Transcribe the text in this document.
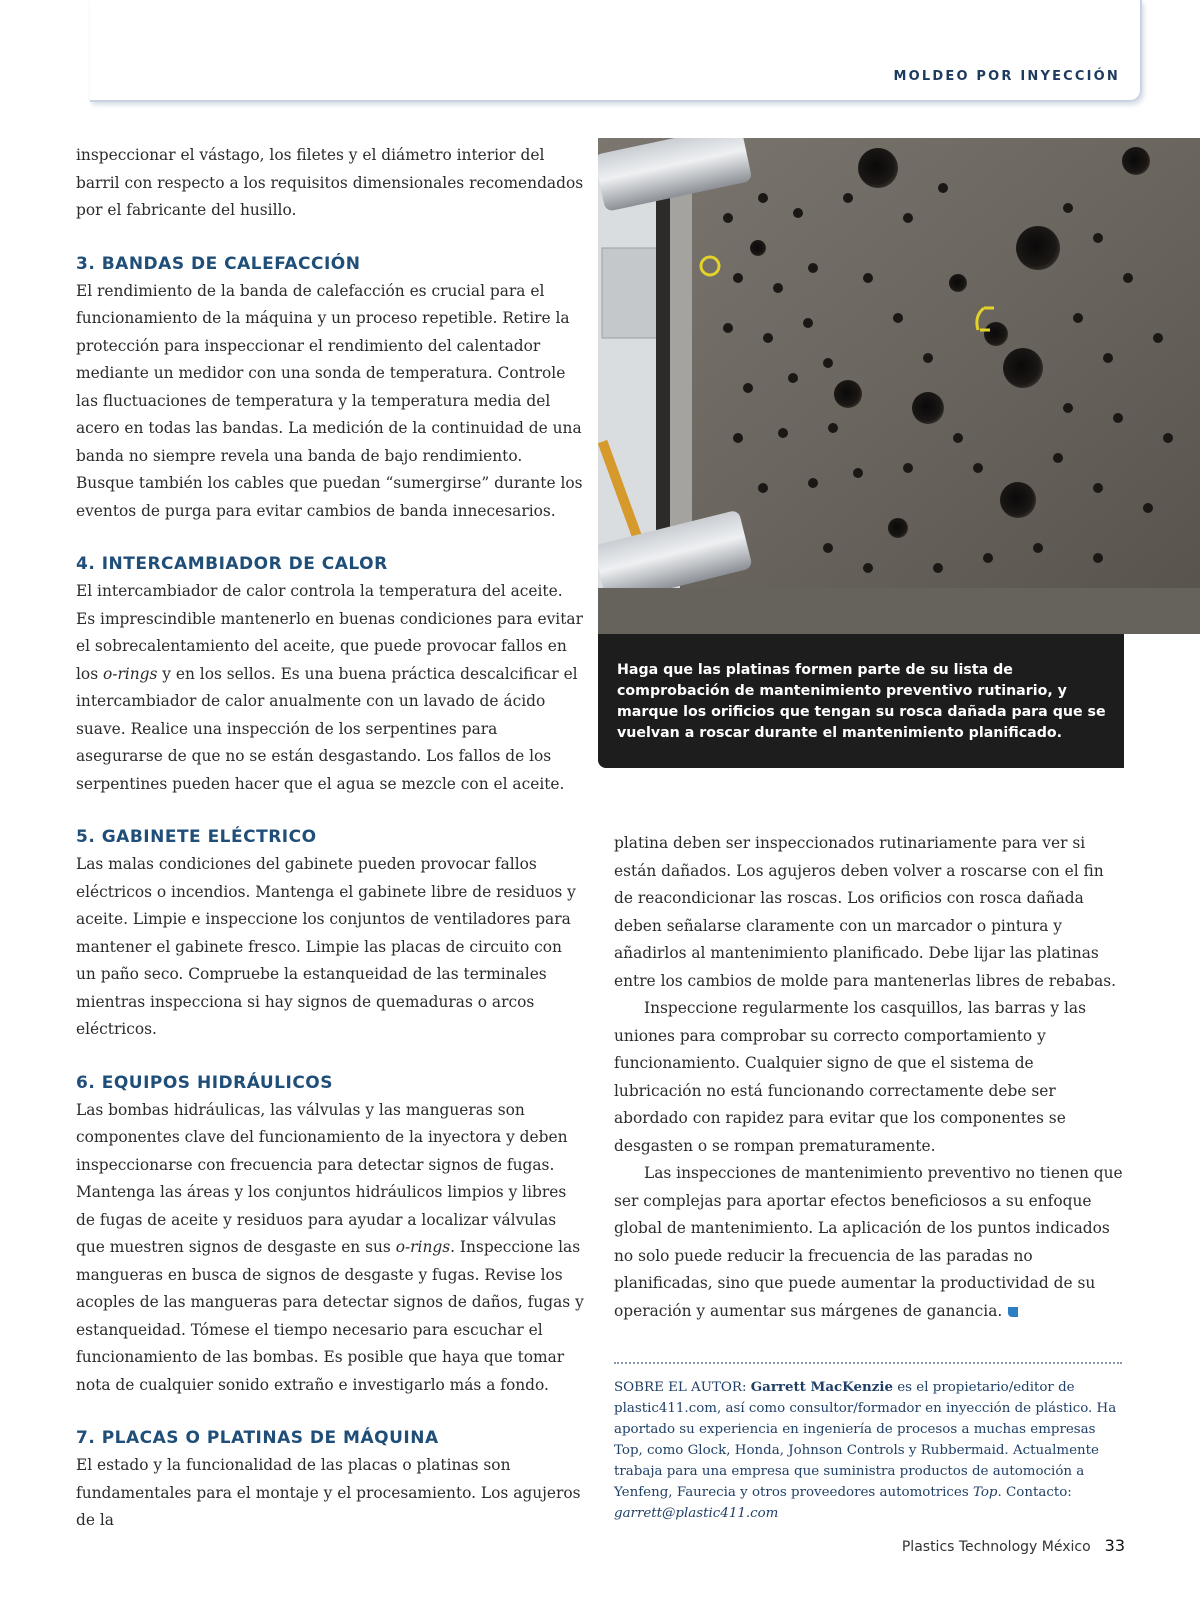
MOLDEO POR INYECCIÓN

inspeccionar el vástago, los filetes y el diámetro interior del barril con respecto a los requisitos dimensionales recomendados por el fabricante del husillo.

3. BANDAS DE CALEFACCIÓN

El rendimiento de la banda de calefacción es crucial para el funcionamiento de la máquina y un proceso repetible. Retire la protección para inspeccionar el rendimiento del calentador mediante un medidor con una sonda de temperatura. Controle las fluctuaciones de temperatura y la temperatura media del acero en todas las bandas. La medición de la continuidad de una banda no siempre revela una banda de bajo rendimiento. Busque también los cables que puedan “sumergirse” durante los eventos de purga para evitar cambios de banda innecesarios.

4. INTERCAMBIADOR DE CALOR

El intercambiador de calor controla la temperatura del aceite. Es imprescindible mantenerlo en buenas condiciones para evitar el sobrecalentamiento del aceite, que puede provocar fallos en los o-rings y en los sellos. Es una buena práctica descalcificar el intercambiador de calor anualmente con un lavado de ácido suave. Realice una inspección de los serpentines para asegurarse de que no se están desgastando. Los fallos de los serpentines pueden hacer que el agua se mezcle con el aceite.

5. GABINETE ELÉCTRICO

Las malas condiciones del gabinete pueden provocar fallos eléctricos o incendios. Mantenga el gabinete libre de residuos y aceite. Limpie e inspeccione los conjuntos de ventiladores para mantener el gabinete fresco. Limpie las placas de circuito con un paño seco. Compruebe la estanqueidad de las terminales mientras inspecciona si hay signos de quemaduras o arcos eléctricos.

6. EQUIPOS HIDRÁULICOS

Las bombas hidráulicas, las válvulas y las mangueras son componentes clave del funcionamiento de la inyectora y deben inspeccionarse con frecuencia para detectar signos de fugas. Mantenga las áreas y los conjuntos hidráulicos limpios y libres de fugas de aceite y residuos para ayudar a localizar válvulas que muestren signos de desgaste en sus o-rings. Inspeccione las mangueras en busca de signos de desgaste y fugas. Revise los acoples de las mangueras para detectar signos de daños, fugas y estanqueidad. Tómese el tiempo necesario para escuchar el funcionamiento de las bombas. Es posible que haya que tomar nota de cualquier sonido extraño e investigarlo más a fondo.

7. PLACAS O PLATINAS DE MÁQUINA

El estado y la funcionalidad de las placas o platinas son fundamentales para el montaje y el procesamiento. Los agujeros de la

Haga que las platinas formen parte de su lista de comprobación de mantenimiento preventivo rutinario, y marque los orificios que tengan su rosca dañada para que se vuelvan a roscar durante el mantenimiento planificado.

platina deben ser inspeccionados rutinariamente para ver si están dañados. Los agujeros deben volver a roscarse con el fin de reacondicionar las roscas. Los orificios con rosca dañada deben señalarse claramente con un marcador o pintura y añadirlos al mantenimiento planificado. Debe lijar las platinas entre los cambios de molde para mantenerlas libres de rebabas.

Inspeccione regularmente los casquillos, las barras y las uniones para comprobar su correcto comportamiento y funcionamiento. Cualquier signo de que el sistema de lubricación no está funcionando correctamente debe ser abordado con rapidez para evitar que los componentes se desgasten o se rompan prematuramente.

Las inspecciones de mantenimiento preventivo no tienen que ser complejas para aportar efectos beneficiosos a su enfoque global de mantenimiento. La aplicación de los puntos indicados no solo puede reducir la frecuencia de las paradas no planificadas, sino que puede aumentar la productividad de su operación y aumentar sus márgenes de ganancia.

SOBRE EL AUTOR: Garrett MacKenzie es el propietario/editor de plastic411.com, así como consultor/formador en inyección de plástico. Ha aportado su experiencia en ingeniería de procesos a muchas empresas Top, como Glock, Honda, Johnson Controls y Rubbermaid. Actualmente trabaja para una empresa que suministra productos de automoción a Yenfeng, Faurecia y otros proveedores automotrices Top. Contacto: garrett@plastic411.com
Plastics Technology México 33
